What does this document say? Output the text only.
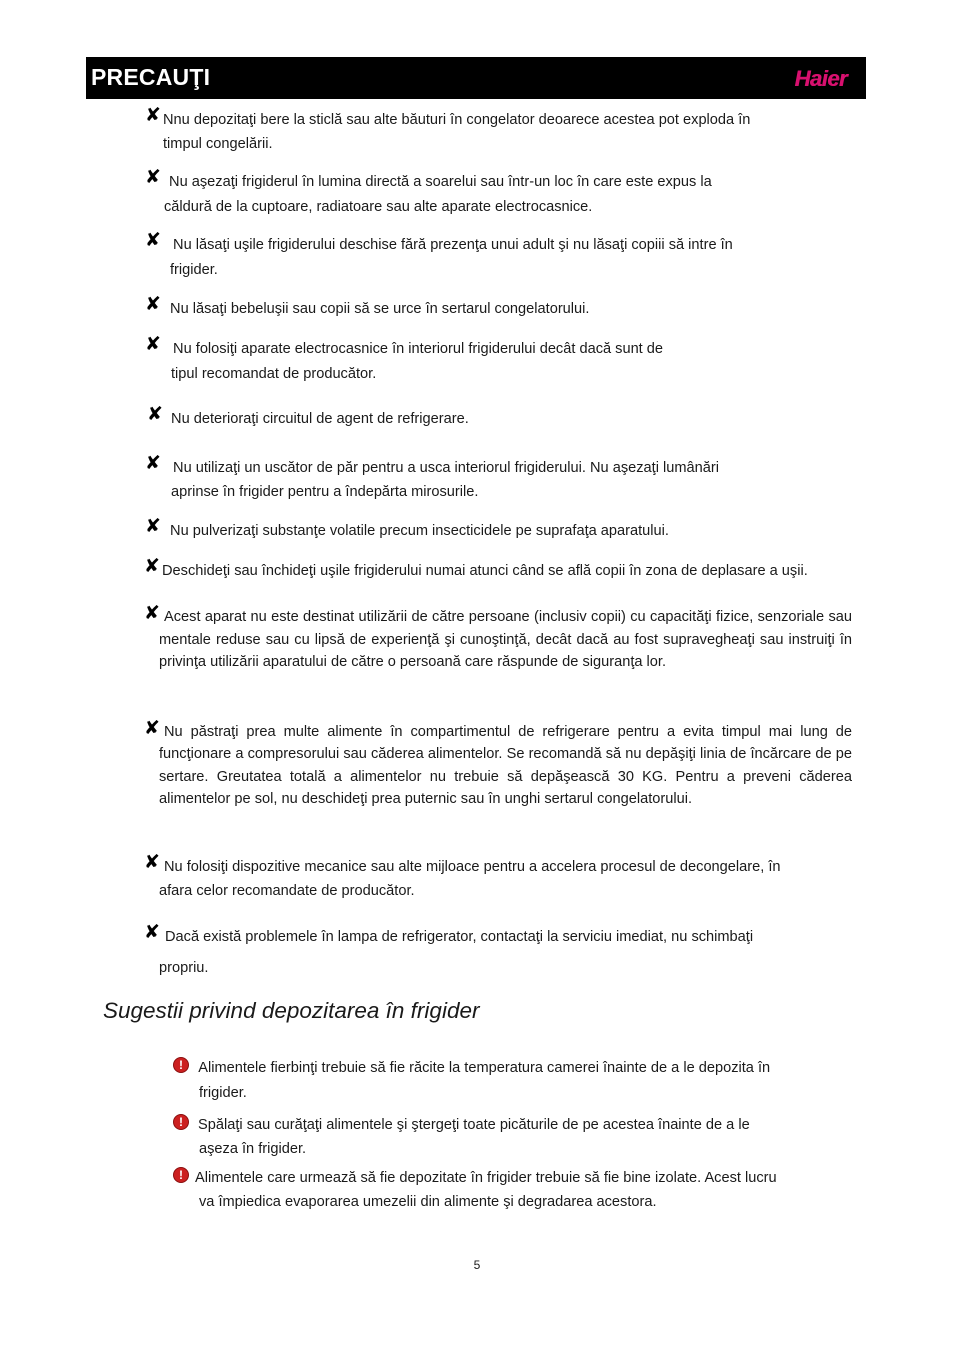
PRECAUŢI	Haier
✘ Nnu depozitaţi bere la sticlă sau alte băuturi în congelator deoarece acestea pot exploda în
timpul congelării.
✘ Nu aşezaţi frigiderul în lumina directă a soarelui sau într-un loc în care este expus la
căldură de la cuptoare, radiatoare sau alte aparate electrocasnice.
✘ Nu lăsaţi uşile frigiderului deschise fără prezenţa unui adult şi nu lăsaţi copiii să intre în
frigider.
✘ Nu lăsaţi bebeluşii sau copii să se urce în sertarul congelatorului.
✘ Nu folosiţi aparate electrocasnice în interiorul frigiderului decât dacă sunt de
tipul recomandat de producător.
✘ Nu deterioraţi circuitul de agent de refrigerare.
✘ Nu utilizaţi un uscător de păr pentru a usca interiorul frigiderului. Nu aşezaţi lumânări
aprinse în frigider pentru a îndepărta mirosurile.
✘ Nu pulverizaţi substanţe volatile precum insecticidele pe suprafaţa aparatului.
✘ Deschideţi sau închideţi uşile frigiderului numai atunci când se află copii în zona de deplasare a uşii.
✘ Acest aparat nu este destinat utilizării de către persoane (inclusiv copii) cu capacităţi fizice, senzoriale sau mentale reduse sau cu lipsă de experienţă şi cunoştinţă, decât dacă au fost supravegheaţi sau instruiţi în privinţa utilizării aparatului de către o persoană care răspunde de siguranţa lor.
✘ Nu păstraţi prea multe alimente în compartimentul de refrigerare pentru a evita timpul mai lung de funcţionare a compresorului sau căderea alimentelor. Se recomandă să nu depăşiţi linia de încărcare de pe sertare. Greutatea totală a alimentelor nu trebuie să depăşească 30 KG. Pentru a preveni căderea alimentelor pe sol, nu deschideţi prea puternic sau în unghi sertarul congelatorului.
✘ Nu folosiţi dispozitive mecanice sau alte mijloace pentru a accelera procesul de decongelare, în
afara celor recomandate de producător.
✘ Dacă există problemele în lampa de refrigerator, contactaţi la serviciu imediat, nu schimbaţi
propriu.
Sugestii privind depozitarea în frigider
! Alimentele fierbinţi trebuie să fie răcite la temperatura camerei înainte de a le depozita în
frigider.
! Spălaţi sau curăţaţi alimentele şi ştergeţi toate picăturile de pe acestea înainte de a le
aşeza în frigider.
! Alimentele care urmează să fie depozitate în frigider trebuie să fie bine izolate. Acest lucru
va împiedica evaporarea umezelii din alimente şi degradarea acestora.
5
